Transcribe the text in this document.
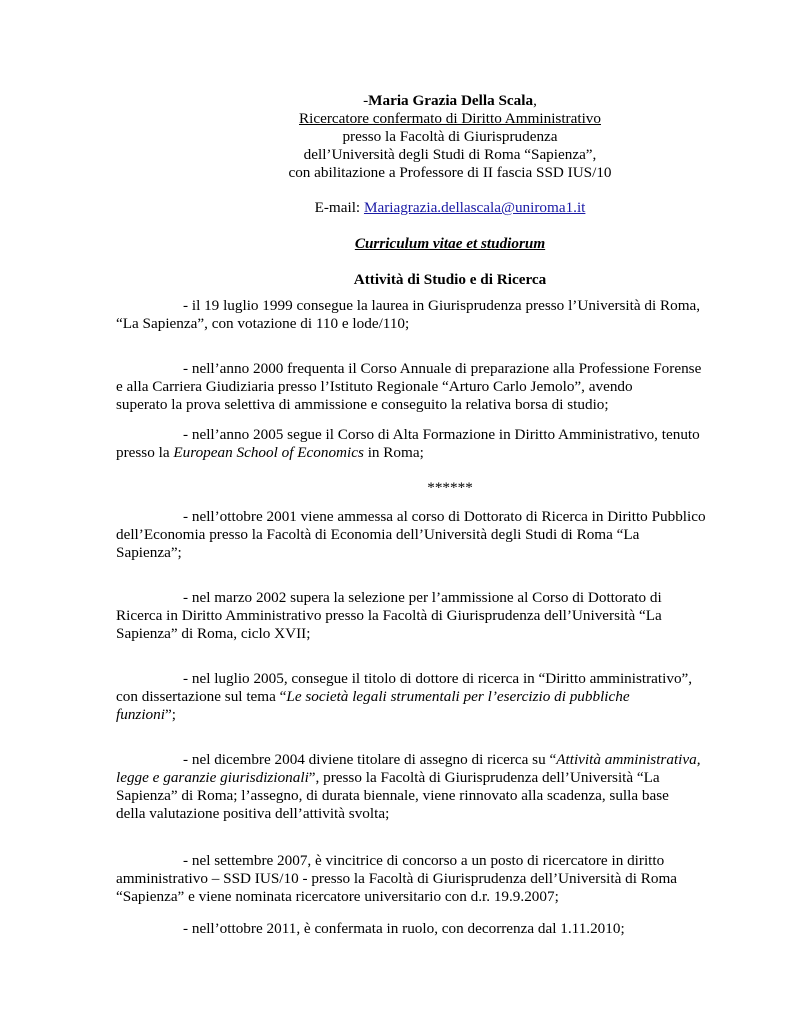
-Maria Grazia Della Scala,
Ricercatore confermato di Diritto Amministrativo
presso la Facoltà di Giurisprudenza
dell’Università degli Studi di Roma “Sapienza”,
con abilitazione a Professore di II fascia SSD IUS/10
E-mail: Mariagrazia.dellascala@uniroma1.it
Curriculum vitae et studiorum
Attività di Studio e di Ricerca
- il 19 luglio 1999 consegue la laurea in Giurisprudenza presso l’Università di Roma,
“La Sapienza”, con votazione di 110 e lode/110;
- nell’anno 2000 frequenta il Corso Annuale di preparazione alla Professione Forense
e alla Carriera Giudiziaria presso l’Istituto Regionale “Arturo Carlo Jemolo”, avendo
superato la prova selettiva di ammissione e conseguito la relativa borsa di studio;
- nell’anno 2005 segue il Corso di Alta Formazione in Diritto Amministrativo, tenuto
presso la European School of Economics in Roma;
******
- nell’ottobre 2001 viene ammessa al corso di Dottorato di Ricerca in Diritto Pubblico
dell’Economia presso la Facoltà di Economia dell’Università degli Studi di Roma “La
Sapienza”;
- nel marzo 2002 supera la selezione per l’ammissione al Corso di Dottorato di
Ricerca in Diritto Amministrativo presso la Facoltà di Giurisprudenza dell’Università “La
Sapienza” di Roma, ciclo XVII;
- nel luglio 2005, consegue il titolo di dottore di ricerca in “Diritto amministrativo”,
con dissertazione sul tema “Le società legali strumentali per l’esercizio di pubbliche
funzioni”;
- nel dicembre 2004 diviene titolare di assegno di ricerca su “Attività amministrativa,
legge e garanzie giurisdizionali”, presso la Facoltà di Giurisprudenza dell’Università “La
Sapienza” di Roma; l’assegno, di durata biennale, viene rinnovato alla scadenza, sulla base
della valutazione positiva dell’attività svolta;
- nel settembre 2007, è vincitrice di concorso a un posto di ricercatore in diritto
amministrativo – SSD IUS/10 - presso la Facoltà di Giurisprudenza dell’Università di Roma
“Sapienza” e viene nominata ricercatore universitario con d.r. 19.9.2007;
- nell’ottobre 2011, è confermata in ruolo, con decorrenza dal 1.11.2010;
